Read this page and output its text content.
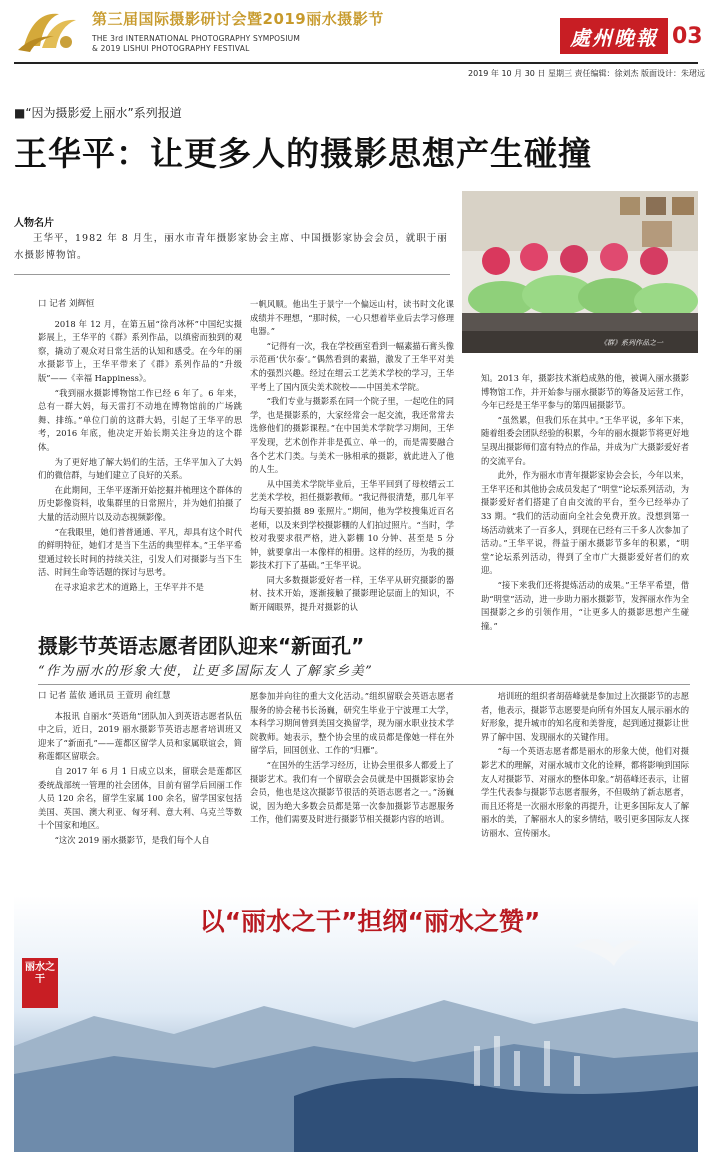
第三届国际摄影研讨会暨2019丽水摄影节
THE 3rd INTERNATIONAL PHOTOGRAPHY SYMPOSIUM
& 2019 LISHUI PHOTOGRAPHY FESTIVAL	處州晚報 03
2019 年 10 月 30 日 星期三 责任编辑：徐刘杰 版面设计：朱珺远
■“因为摄影爱上丽水”系列报道
王华平：让更多人的摄影思想产生碰撞
《群》系列作品之一
人物名片
王华平，1982 年 8 月生，丽水市青年摄影家协会主席、中国摄影家协会会员，就职于丽水摄影博物馆。
口 记者 刘辉恒

2018 年 12 月，在第五届“徐肖冰杯”中国纪实摄影展上，王华平的《群》系列作品，以缜密而独到的观察，撬动了观众对日常生活的认知和感受。在今年的丽水摄影节上，王华平带来了《群》系列作品的“升级版”——《幸福 Happiness》。

“我到丽水摄影博物馆工作已经 6 年了。6 年来，总有一群大妈，每天雷打不动地在博物馆前的广场跳舞、排练。”单位门前的这群大妈，引起了王华平的思考，2016 年底，他决定开始长期关注身边的这个群体。

为了更好地了解大妈们的生活，王华平加入了大妈们的微信群，与她们建立了良好的关系。

在此期间，王华平逐渐开始挖掘并梳理这个群体的历史影像资料，收集群里的日常照片，并为她们拍摄了大量的活动照片以及动态视频影像。

“在我眼里，她们普普通通、平凡，却具有这个时代的鲜明特征，她们才是当下生活的典型样本。”王华平希望通过较长时间的持续关注，引发人们对摄影与当下生活、时间生命等话题的探讨与思考。

在寻求追求艺术的道路上，王华平并不是

一帆风顺。他出生于景宁一个偏远山村，读书时文化课成绩并不理想，“那时候，一心只想着毕业后去学习修理电器。”

“记得有一次，我在学校画室看到一幅素描石膏头像示范画‘伏尔泰’。”偶然看到的素描，激发了王华平对美术的强烈兴趣。经过在缙云工艺美术学校的学习，王华平考上了国内顶尖美术院校——中国美术学院。

“我们专业与摄影系在同一个院子里，一起吃住的同学，也是摄影系的，大家经常会一起交流，我还常常去选修他们的摄影课程。”在中国美术学院学习期间，王华平发现，艺术创作并非是孤立、单一的，而是需要融合各个艺术门类。与美术一脉相承的摄影，就此进入了他的人生。

从中国美术学院毕业后，王华平回到了母校缙云工艺美术学校，担任摄影教师。“我记得很清楚，那几年平均每天要拍摄 89 张照片。”期间，他为学校搜集近百名老师，以及来到学校摄影棚的人们拍过照片。“当时，学校对我要求很严格，进入影棚 10 分钟、甚至是 5 分钟，就要拿出一本像样的相册。这样的经历，为我的摄影技术打下了基础。”王华平说。

同大多数摄影爱好者一样，王华平从研究摄影的器材、技术开始，逐渐接触了摄影理论层面上的知识，不断开阔眼界，提升对摄影的认

知。2013 年，摄影技术渐趋成熟的他，被调入丽水摄影博物馆工作，并开始参与丽水摄影节的筹备及运营工作，今年已经是王华平参与的第四届摄影节。

“虽然累，但我们乐在其中。”王华平说，多年下来，随着组委会团队经验的积累，今年的丽水摄影节将更好地呈现出摄影师们富有特点的作品，并成为广大摄影爱好者的交流平台。

此外，作为丽水市青年摄影家协会会长，今年以来，王华平还和其他协会成员发起了“明堂”论坛系列活动，为摄影爱好者们搭建了自由交流的平台，至今已经举办了 33 期。“我们的活动面向全社会免费开放。没想到第一场活动就来了一百多人，到现在已经有三千多人次参加了活动。”王华平说，得益于丽水摄影节多年的积累，“明堂”论坛系列活动，得到了全市广大摄影爱好者们的欢迎。

“接下来我们还将提炼活动的成果。”王华平希望，借助“明堂”活动，进一步助力丽水摄影节，发挥丽水作为全国摄影之乡的引领作用，“让更多人的摄影思想产生碰撞。”

摄影节英语志愿者团队迎来“新面孔”
“作为丽水的形象大使，让更多国际友人了解家乡美”
口 记者 蓝依 通讯员 王萱玥 俞红慧

本报讯 自丽水“英语角”团队加入到英语志愿者队伍中之后，近日，2019 丽水摄影节英语志愿者培训班又迎来了“新面孔”——莲都区留学人员和家属联谊会，简称莲都区留联会。

自 2017 年 6 月 1 日成立以来，留联会是莲都区委统战部统一管理的社会团体，目前有留学后回丽工作人员 120 余名，留学生家属 100 余名，留学国家包括美国、英国、澳大利亚、匈牙利、意大利、乌克兰等数十个国家和地区。

“这次 2019 丽水摄影节，是我们每个人自

愿参加并向往的重大文化活动。”组织留联会英语志愿者服务的协会秘书长汤巍，研究生毕业于宁波理工大学，本科学习期间曾到美国交换留学，现为丽水职业技术学院教师。她表示，整个协会里的成员都是像她一样在外留学后，回国创业、工作的“归雁”。

“在国外的生活学习经历，让协会里很多人都爱上了摄影艺术。我们有一个留联会会员就是中国摄影家协会会员，他也是这次摄影节很活的英语志愿者之一。”汤巍说，因为绝大多数会员都是第一次参加摄影节志愿服务工作，他们需要及时进行摄影节相关摄影内容的培训。

培训班的组织者胡蓓峰就是参加过上次摄影节的志愿者，他表示，摄影节志愿要是向所有外国友人展示丽水的好形象，提升城市的知名度和美誉度，起到通过摄影让世界了解中国、发现丽水的关键作用。

“每一个英语志愿者都是丽水的形象大使，他们对摄影艺术的理解，对丽水城市文化的诠释，都将影响到国际友人对摄影节、对丽水的整体印象。”胡蓓峰还表示，让留学生代表参与摄影节志愿者服务，不但吸纳了新志愿者，而且还将是一次丽水形象的再提升，让更多国际友人了解丽水的美，了解丽水人的家乡情结，吸引更多国际友人探访丽水、宣传丽水。

丽水之干
以“丽水之干”担纲“丽水之赞”
